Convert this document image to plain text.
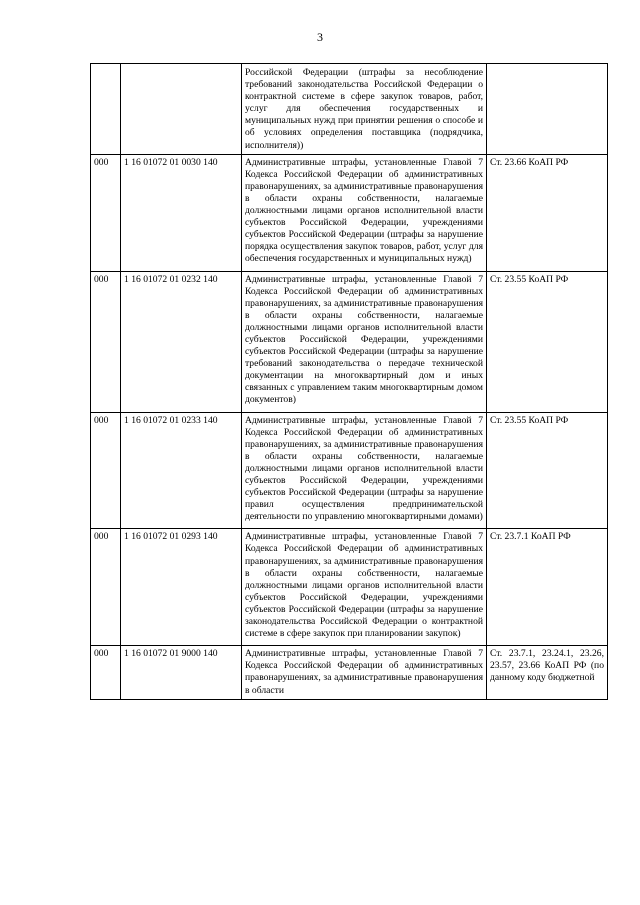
3
		Российской Федерации (штрафы за несоблюдение требований законодательства Российской Федерации о контрактной системе в сфере закупок товаров, работ, услуг для обеспечения государственных и муниципальных нужд при принятии решения о способе и об условиях определения поставщика (подрядчика, исполнителя))	
000	1 16 01072 01 0030 140	Административные штрафы, установленные Главой 7 Кодекса Российской Федерации об административных правонарушениях, за административные правонарушения в области охраны собственности, налагаемые должностными лицами органов исполнительной власти субъектов Российской Федерации, учреждениями субъектов Российской Федерации (штрафы за нарушение порядка осуществления закупок товаров, работ, услуг для обеспечения государственных и муниципальных нужд)	Ст. 23.66 КоАП РФ
000	1 16 01072 01 0232 140	Административные штрафы, установленные Главой 7 Кодекса Российской Федерации об административных правонарушениях, за административные правонарушения в области охраны собственности, налагаемые должностными лицами органов исполнительной власти субъектов Российской Федерации, учреждениями субъектов Российской Федерации (штрафы за нарушение требований законодательства о передаче технической документации на многоквартирный дом и иных связанных с управлением таким многоквартирным домом документов)	Ст. 23.55 КоАП РФ
000	1 16 01072 01 0233 140	Административные штрафы, установленные Главой 7 Кодекса Российской Федерации об административных правонарушениях, за административные правонарушения в области охраны собственности, налагаемые должностными лицами органов исполнительной власти субъектов Российской Федерации, учреждениями субъектов Российской Федерации (штрафы за нарушение правил осуществления предпринимательской деятельности по управлению многоквартирными домами)	Ст. 23.55 КоАП РФ
000	1 16 01072 01 0293 140	Административные штрафы, установленные Главой 7 Кодекса Российской Федерации об административных правонарушениях, за административные правонарушения в области охраны собственности, налагаемые должностными лицами органов исполнительной власти субъектов Российской Федерации, учреждениями субъектов Российской Федерации (штрафы за нарушение законодательства Российской Федерации о контрактной системе в сфере закупок при планировании закупок)	Ст. 23.7.1 КоАП РФ
000	1 16 01072 01 9000 140	Административные штрафы, установленные Главой 7 Кодекса Российской Федерации об административных правонарушениях, за административные правонарушения в области	Ст. 23.7.1, 23.24.1, 23.26, 23.57, 23.66 КоАП РФ (по данному коду бюджетной
